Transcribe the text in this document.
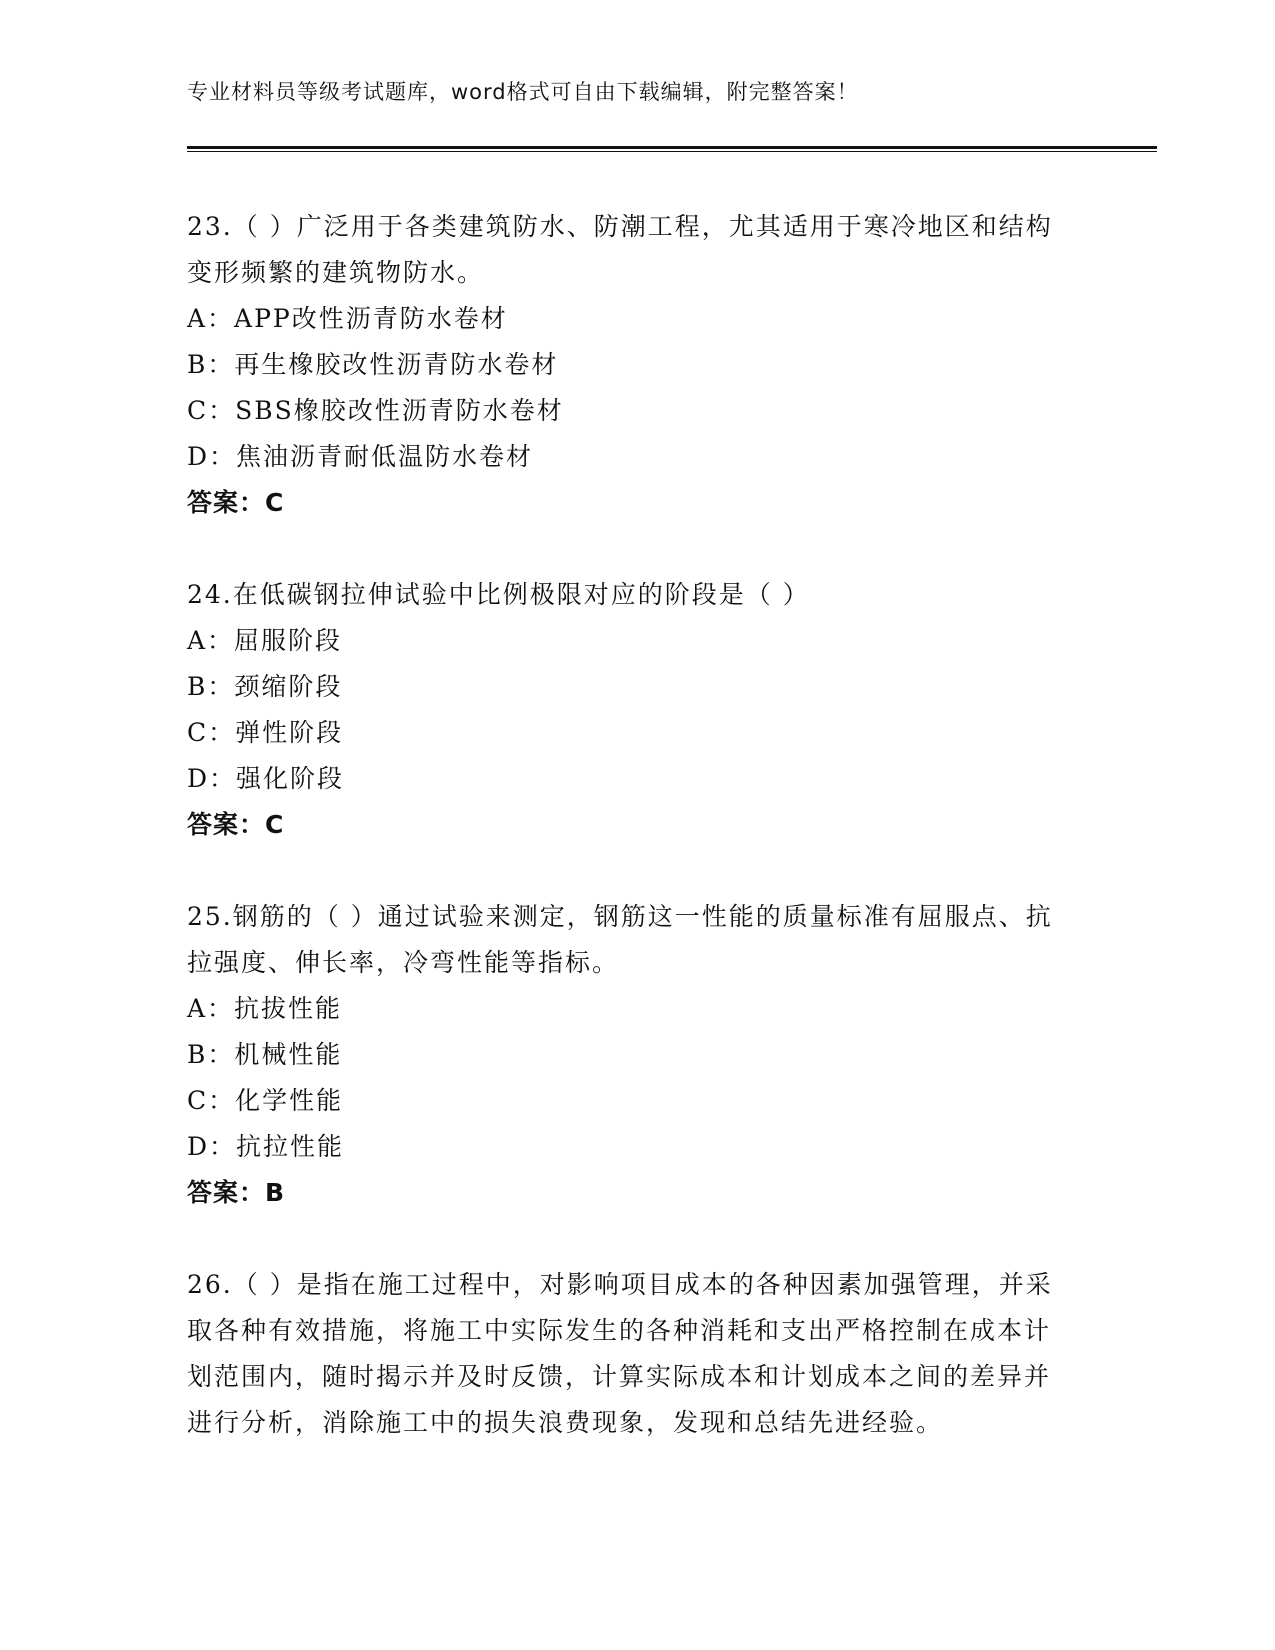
专业材料员等级考试题库，word格式可自由下载编辑，附完整答案！

23.（ ）广泛用于各类建筑防水、防潮工程，尤其适用于寒冷地区和结构变形频繁的建筑物防水。

A：APP改性沥青防水卷材

B：再生橡胶改性沥青防水卷材

C：SBS橡胶改性沥青防水卷材

D：焦油沥青耐低温防水卷材

答案：C

24.在低碳钢拉伸试验中比例极限对应的阶段是（ ）

A：屈服阶段

B：颈缩阶段

C：弹性阶段

D：强化阶段

答案：C

25.钢筋的（ ）通过试验来测定，钢筋这一性能的质量标准有屈服点、抗拉强度、伸长率，冷弯性能等指标。

A：抗拔性能

B：机械性能

C：化学性能

D：抗拉性能

答案：B

26.（ ）是指在施工过程中，对影响项目成本的各种因素加强管理，并采取各种有效措施，将施工中实际发生的各种消耗和支出严格控制在成本计划范围内，随时揭示并及时反馈，计算实际成本和计划成本之间的差异并进行分析，消除施工中的损失浪费现象，发现和总结先进经验。
